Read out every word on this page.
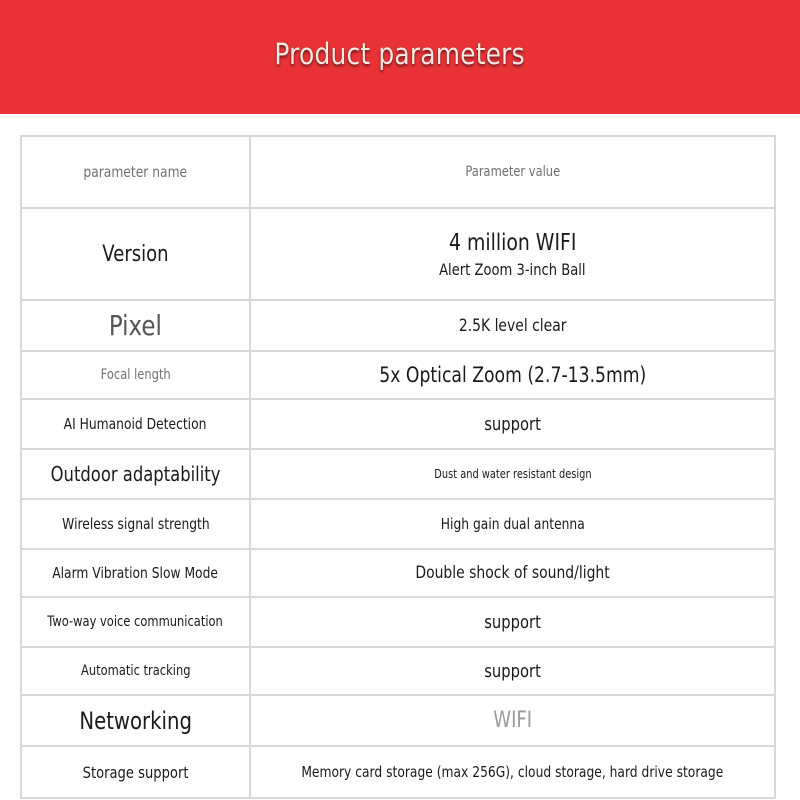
Product parameters
parameter name	Parameter value
Version	4 million WIFI
Alert Zoom 3-inch Ball
Pixel	2.5K level clear
Focal length	5x Optical Zoom (2.7-13.5mm)
AI Humanoid Detection	support
Outdoor adaptability	Dust and water resistant design
Wireless signal strength	High gain dual antenna
Alarm Vibration Slow Mode	Double shock of sound/light
Two-way voice communication	support
Automatic tracking	support
Networking	WIFI
Storage support	Memory card storage (max 256G), cloud storage, hard drive storage
